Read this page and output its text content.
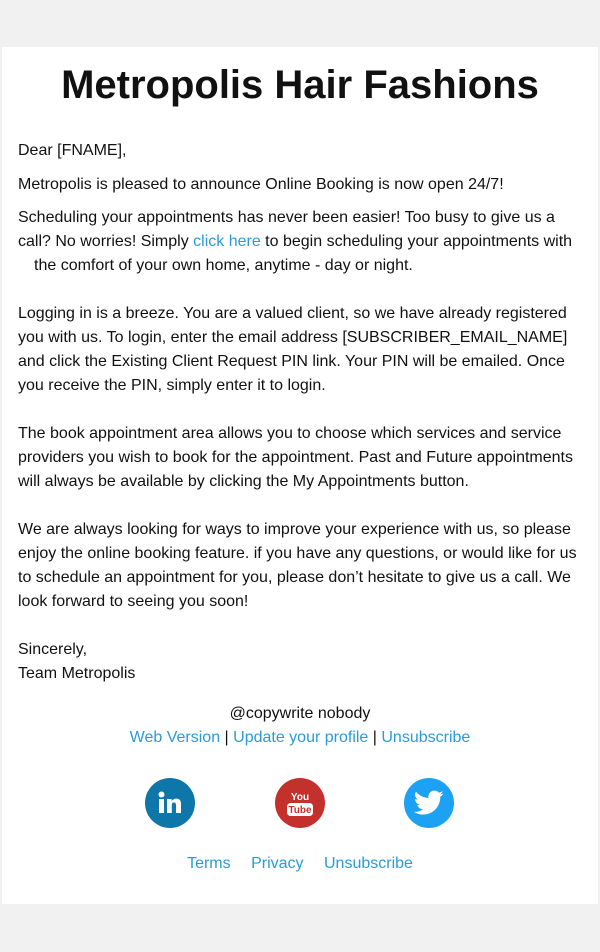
Metropolis Hair Fashions
Dear [FNAME],
Metropolis is pleased to announce Online Booking is now open 24/7!
Scheduling your appointments has never been easier! Too busy to give us a call? No worries! Simply click here to begin scheduling your appointments with
the comfort of your own home, anytime - day or night.
Logging in is a breeze. You are a valued client, so we have already registered you with us. To login, enter the email address [SUBSCRIBER_EMAIL_NAME] and click the Existing Client Request PIN link. Your PIN will be emailed. Once you receive the PIN, simply enter it to login.
The book appointment area allows you to choose which services and service providers you wish to book for the appointment. Past and Future appointments will always be available by clicking the My Appointments button.
We are always looking for ways to improve your experience with us, so please enjoy the online booking feature. if you have any questions, or would like for us to schedule an appointment for you, please don’t hesitate to give us a call. We look forward to seeing you soon!
Sincerely,
Team Metropolis
@copywrite nobody
Web Version | Update your profile | Unsubscribe
You
Tube
Terms Privacy Unsubscribe
